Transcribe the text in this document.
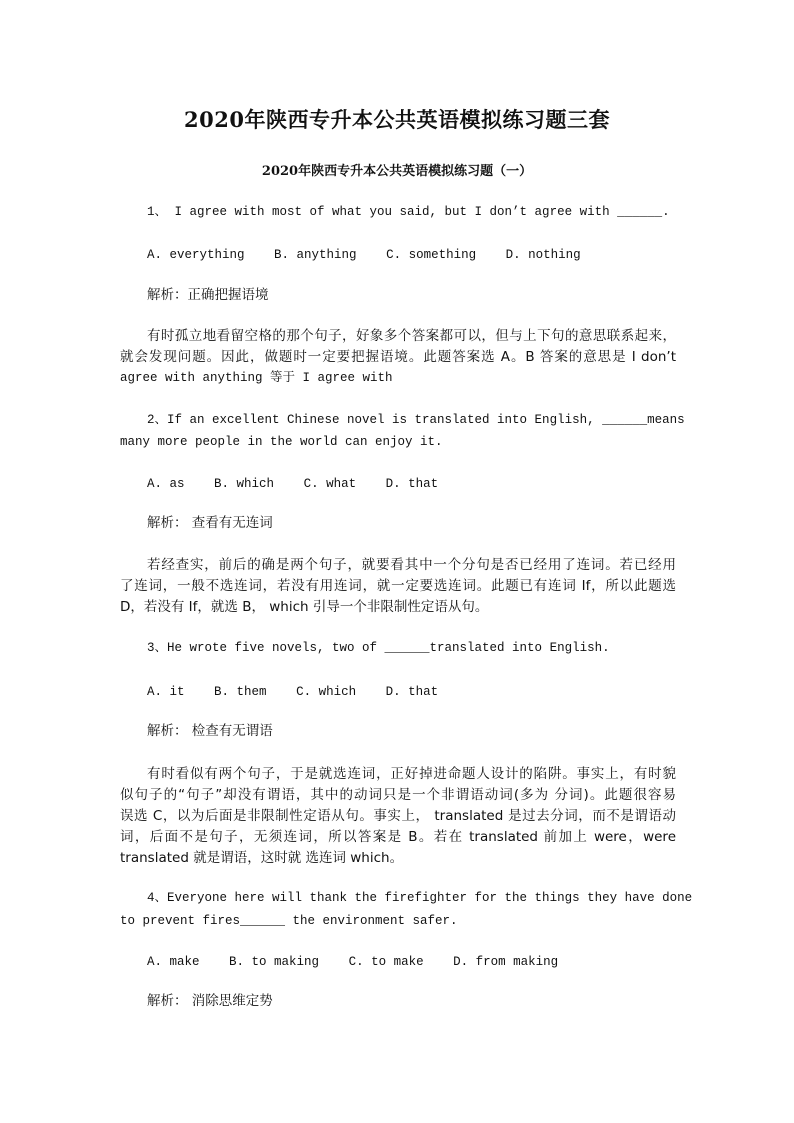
2020年陕西专升本公共英语模拟练习题三套
2020年陕西专升本公共英语模拟练习题（一）
1、 I agree with most of what you said, but I don’t agree with ______.
A. everything B. anything C. something D. nothing
解析：正确把握语境
有时孤立地看留空格的那个句子，好象多个答案都可以，但与上下句的意思联系起来，
就会发现问题。因此，做题时一定要把握语境。此题答案选 A。B 答案的意思是 I don’t
agree with anything 等于 I agree with
2、If an excellent Chinese novel is translated into English, ______means
many more people in the world can enjoy it.
A. as B. which C. what D. that
解析： 查看有无连词
若经查实，前后的确是两个句子，就要看其中一个分句是否已经用了连词。若已经用
了连词，一般不选连词，若没有用连词，就一定要选连词。此题已有连词 If，所以此题选
D，若没有 If，就选 B， which 引导一个非限制性定语从句。
3、He wrote five novels, two of ______translated into English.
A. it B. them C. which D. that
解析： 检查有无谓语
有时看似有两个句子，于是就选连词，正好掉进命题人设计的陷阱。事实上，有时貌
似句子的“句子”却没有谓语，其中的动词只是一个非谓语动词(多为 分词)。此题很容易
误选 C，以为后面是非限制性定语从句。事实上， translated 是过去分词，而不是谓语动
词，后面不是句子，无须连词，所以答案是 B。若在 translated 前加上 were，were
translated 就是谓语，这时就 选连词 which。
4、Everyone here will thank the firefighter for the things they have done
to prevent fires______ the environment safer.
A. make B. to making C. to make D. from making
解析： 消除思维定势
